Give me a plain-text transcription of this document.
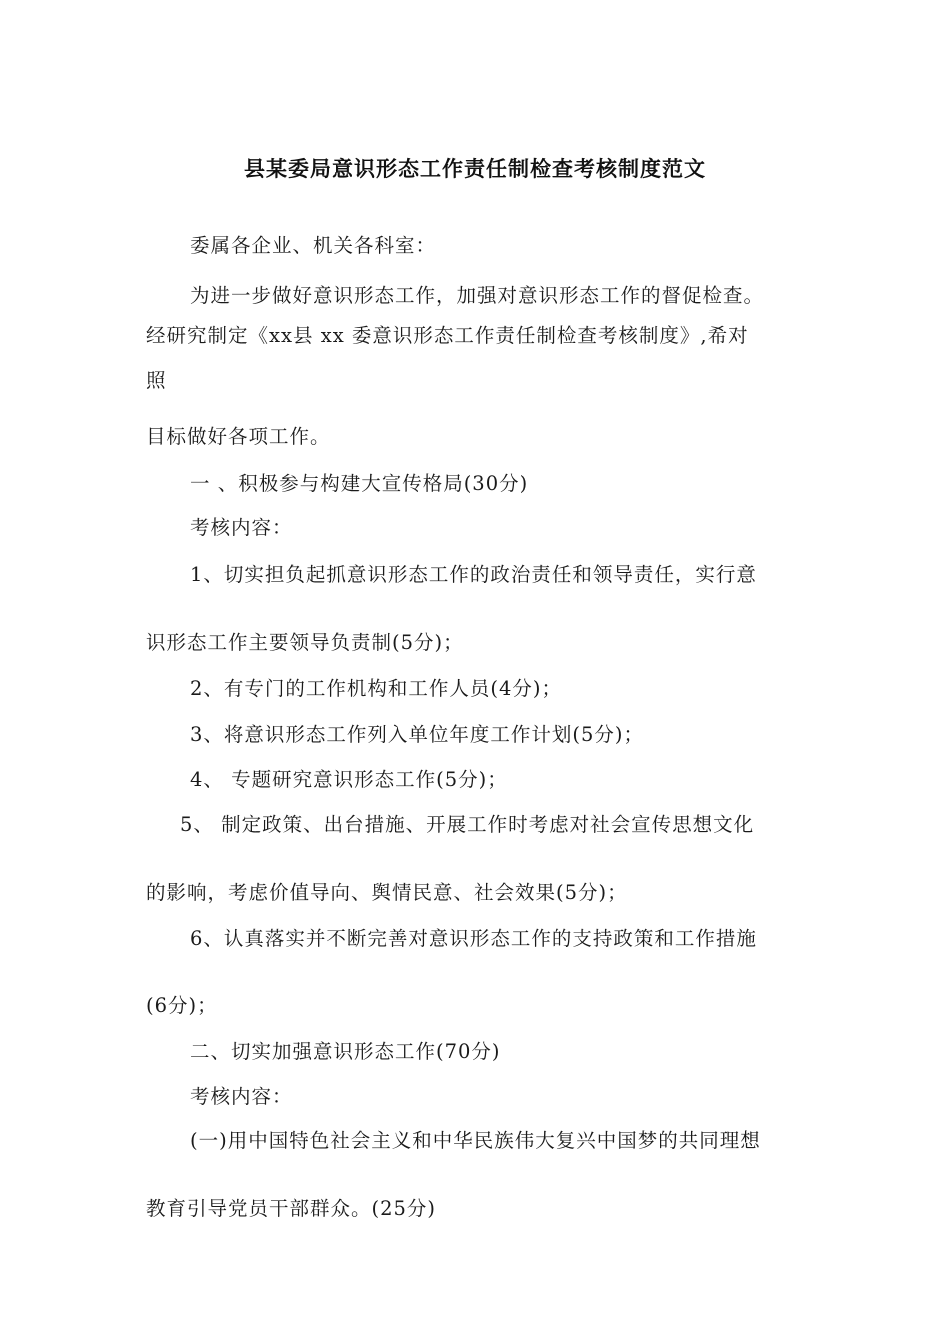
县某委局意识形态工作责任制检查考核制度范文
委属各企业、机关各科室：
为进一步做好意识形态工作，加强对意识形态工作的督促检查。
经研究制定《xx县 xx 委意识形态工作责任制检查考核制度》,希对
照
目标做好各项工作。
一 、积极参与构建大宣传格局(30分)
考核内容：
1、切实担负起抓意识形态工作的政治责任和领导责任，实行意
识形态工作主要领导负责制(5分)；
2、有专门的工作机构和工作人员(4分)；
3、将意识形态工作列入单位年度工作计划(5分)；
4、 专题研究意识形态工作(5分)；
5、 制定政策、出台措施、开展工作时考虑对社会宣传思想文化
的影响，考虑价值导向、舆情民意、社会效果(5分)；
6、认真落实并不断完善对意识形态工作的支持政策和工作措施
(6分)；
二、切实加强意识形态工作(70分)
考核内容：
(一)用中国特色社会主义和中华民族伟大复兴中国梦的共同理想
教育引导党员干部群众。(25分)
